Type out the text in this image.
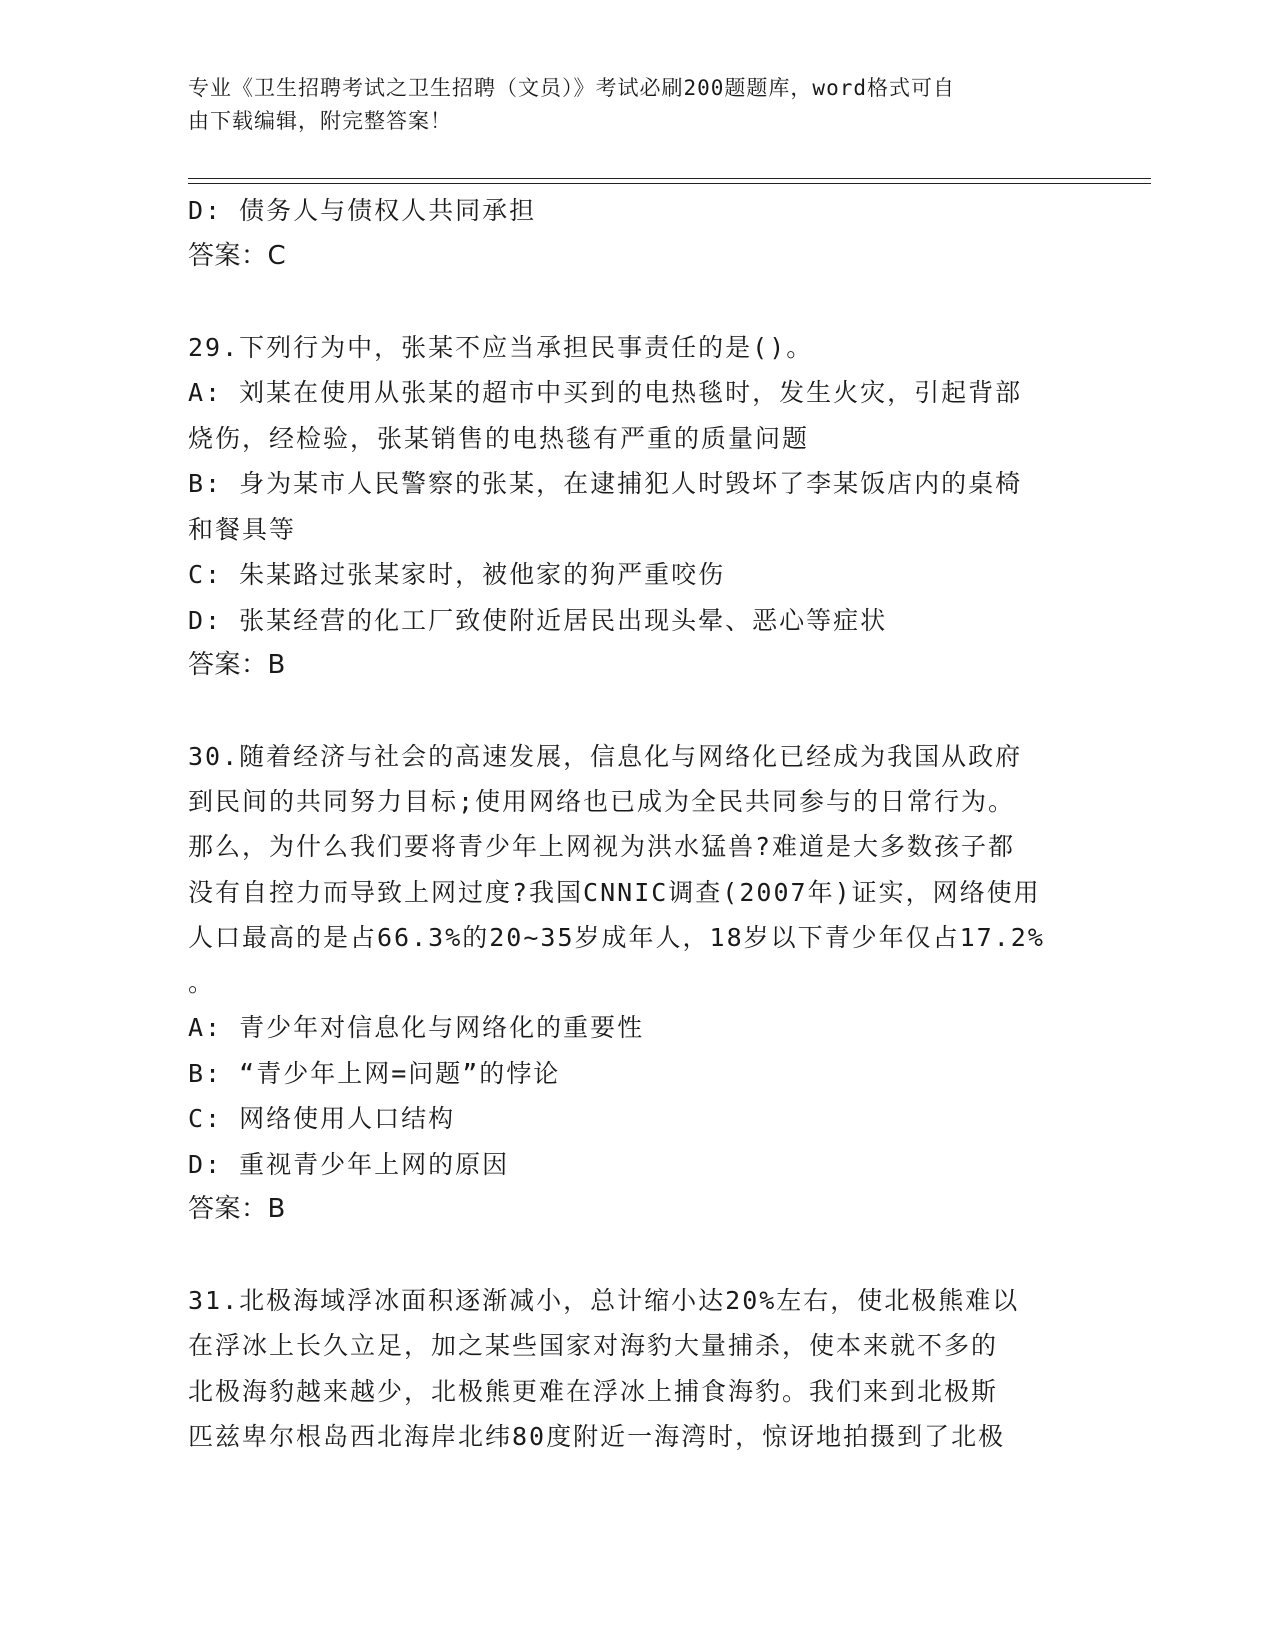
专业《卫生招聘考试之卫生招聘（文员）》考试必刷200题题库，word格式可自
由下载编辑，附完整答案！
D: 债务人与债权人共同承担
答案：C
29.下列行为中，张某不应当承担民事责任的是()。
A: 刘某在使用从张某的超市中买到的电热毯时，发生火灾，引起背部
烧伤，经检验，张某销售的电热毯有严重的质量问题
B: 身为某市人民警察的张某，在逮捕犯人时毁坏了李某饭店内的桌椅
和餐具等
C: 朱某路过张某家时，被他家的狗严重咬伤
D: 张某经营的化工厂致使附近居民出现头晕、恶心等症状
答案：B
30.随着经济与社会的高速发展，信息化与网络化已经成为我国从政府
到民间的共同努力目标;使用网络也已成为全民共同参与的日常行为。
那么，为什么我们要将青少年上网视为洪水猛兽?难道是大多数孩子都
没有自控力而导致上网过度?我国CNNIC调查(2007年)证实，网络使用
人口最高的是占66.3%的20~35岁成年人，18岁以下青少年仅占17.2%
。
A: 青少年对信息化与网络化的重要性
B: “青少年上网=问题”的悖论
C: 网络使用人口结构
D: 重视青少年上网的原因
答案：B
31.北极海域浮冰面积逐渐减小，总计缩小达20%左右，使北极熊难以
在浮冰上长久立足，加之某些国家对海豹大量捕杀，使本来就不多的
北极海豹越来越少，北极熊更难在浮冰上捕食海豹。我们来到北极斯
匹兹卑尔根岛西北海岸北纬80度附近一海湾时，惊讶地拍摄到了北极
